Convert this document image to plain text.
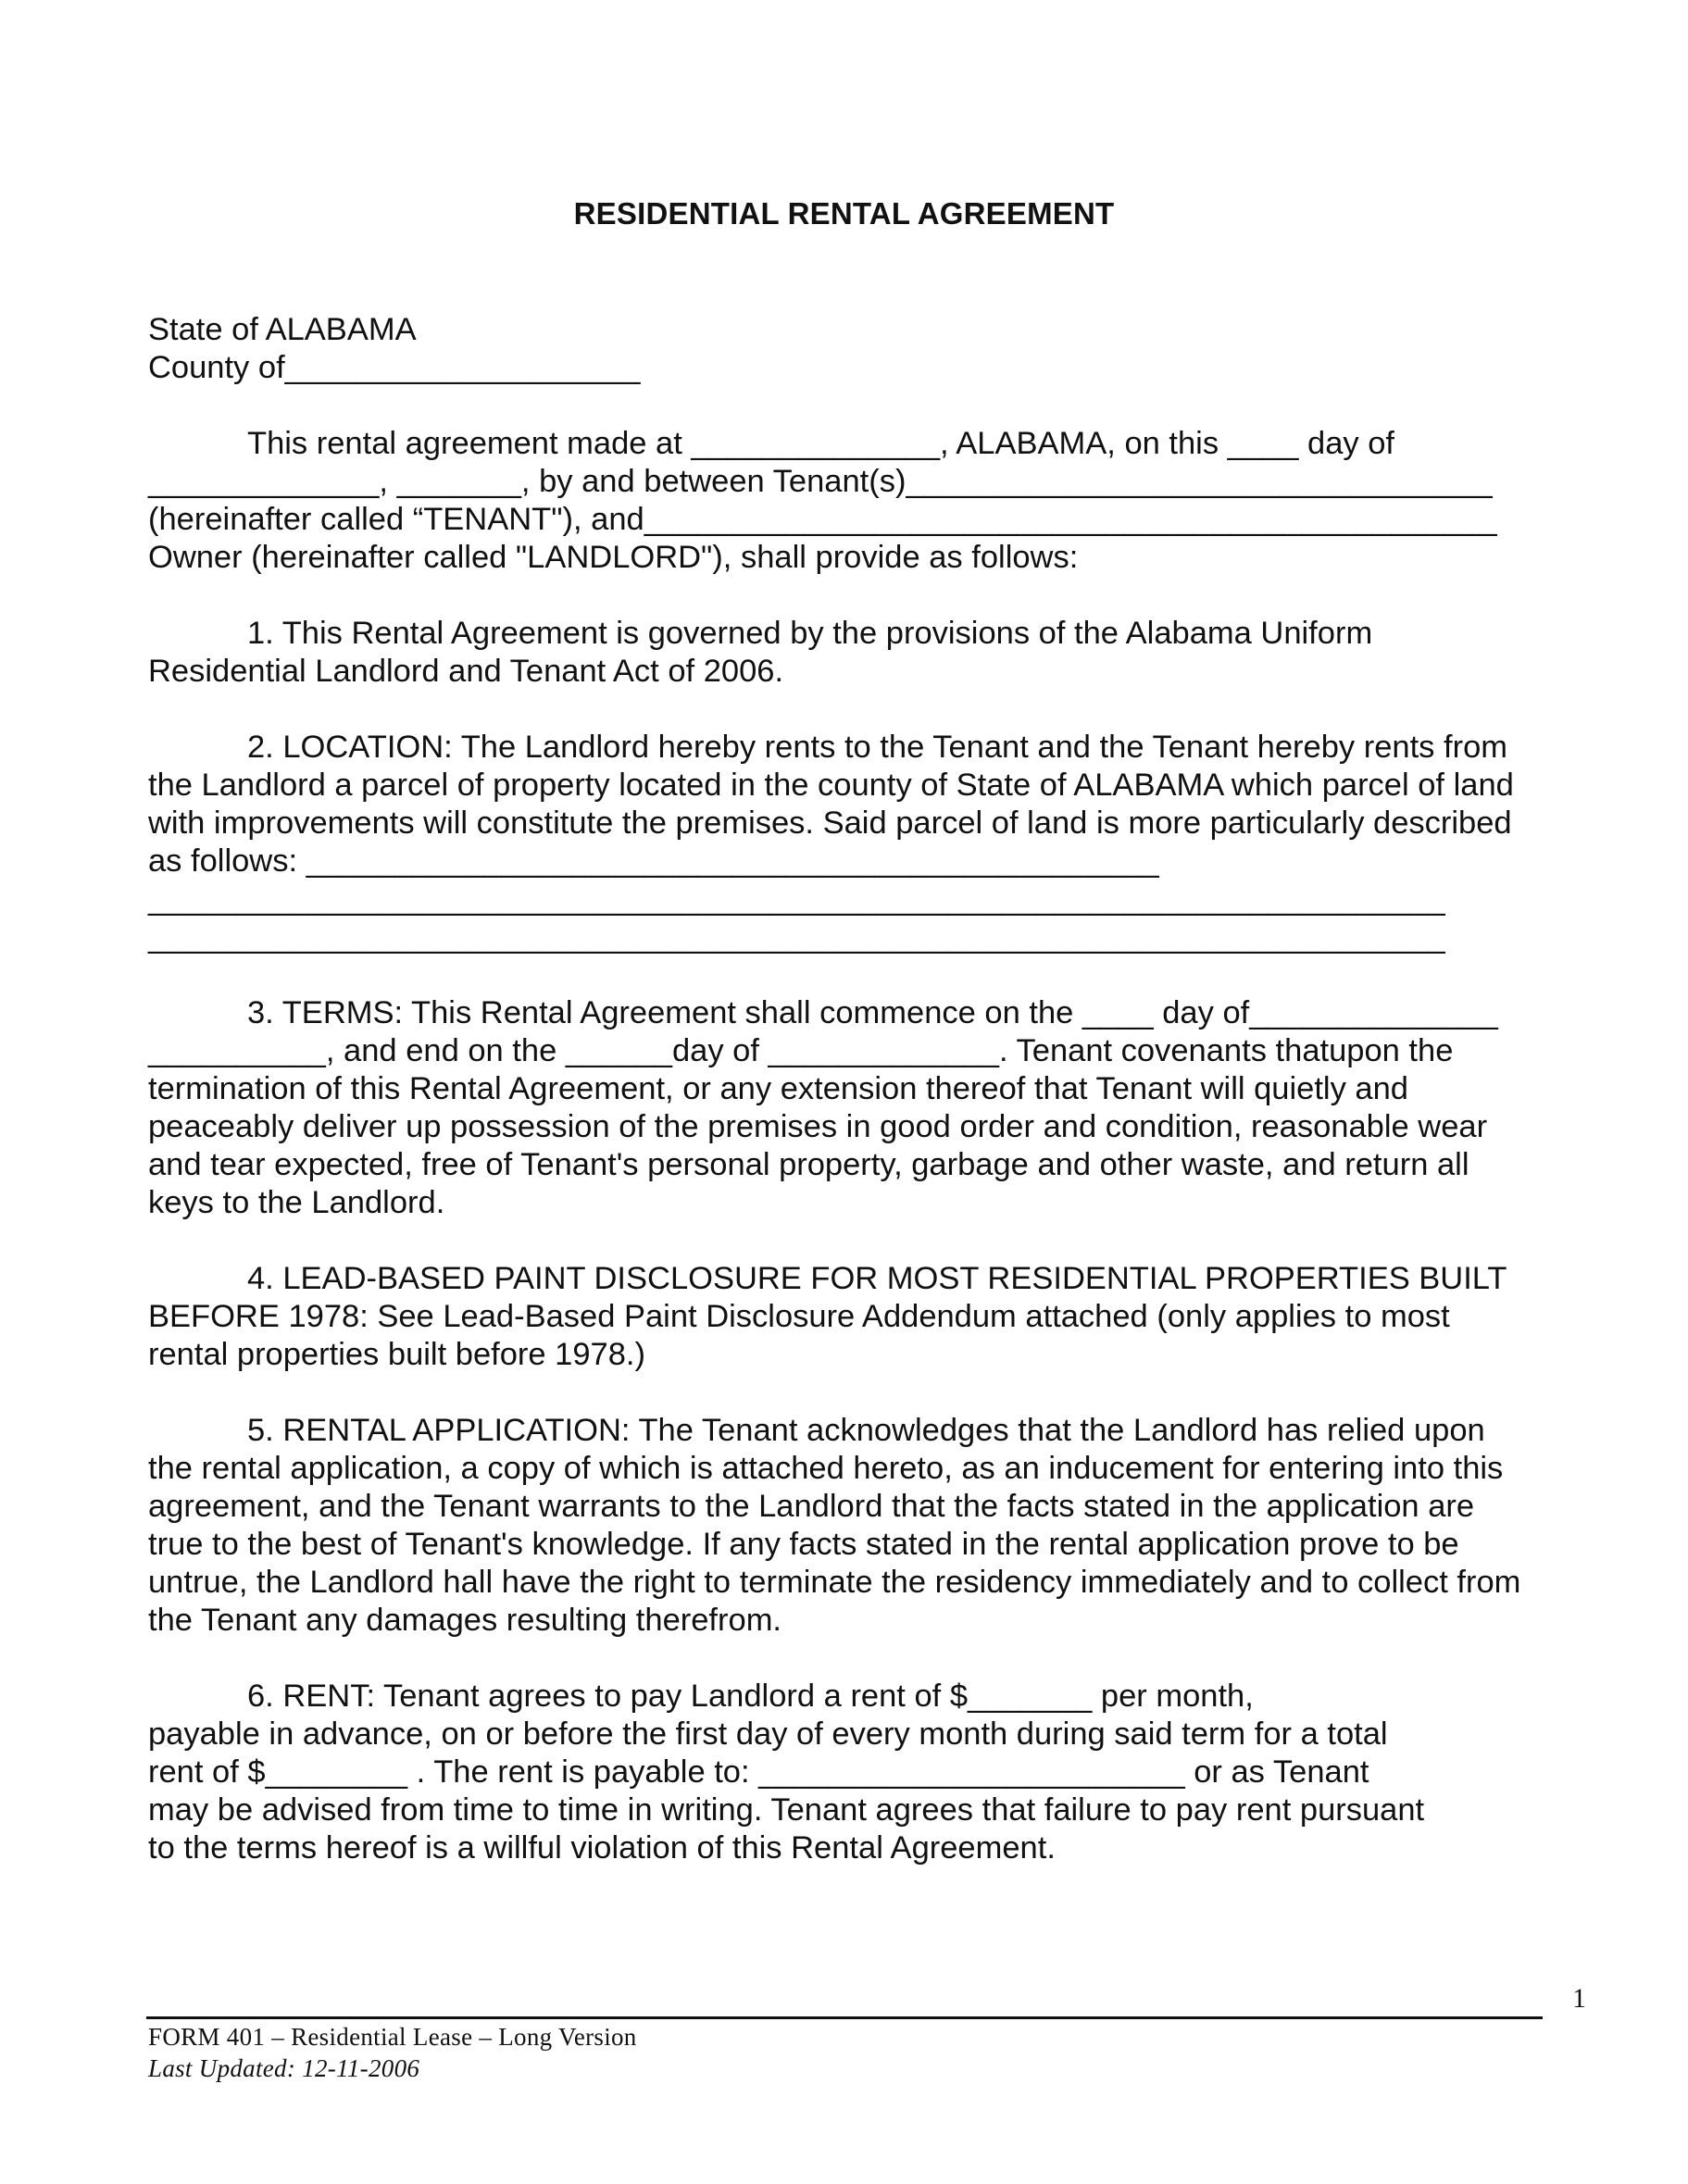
RESIDENTIAL RENTAL AGREEMENT
State of ALABAMA
County of____________________
This rental agreement made at ______________, ALABAMA, on this ____ day of
_____________, _______, by and between Tenant(s)_________________________________
(hereinafter called “TENANT"), and________________________________________________
Owner (hereinafter called "LANDLORD"), shall provide as follows:
1. This Rental Agreement is governed by the provisions of the Alabama Uniform
Residential Landlord and Tenant Act of 2006.
2. LOCATION: The Landlord hereby rents to the Tenant and the Tenant hereby rents from
the Landlord a parcel of property located in the county of State of ALABAMA which parcel of land
with improvements will constitute the premises. Said parcel of land is more particularly described
as follows: ________________________________________________
_________________________________________________________________________
_________________________________________________________________________
3. TERMS: This Rental Agreement shall commence on the ____ day of______________
__________, and end on the ______day of _____________. Tenant covenants thatupon the
termination of this Rental Agreement, or any extension thereof that Tenant will quietly and
peaceably deliver up possession of the premises in good order and condition, reasonable wear
and tear expected, free of Tenant's personal property, garbage and other waste, and return all
keys to the Landlord.
4. LEAD-BASED PAINT DISCLOSURE FOR MOST RESIDENTIAL PROPERTIES BUILT
BEFORE 1978: See Lead-Based Paint Disclosure Addendum attached (only applies to most
rental properties built before 1978.)
5. RENTAL APPLICATION: The Tenant acknowledges that the Landlord has relied upon
the rental application, a copy of which is attached hereto, as an inducement for entering into this
agreement, and the Tenant warrants to the Landlord that the facts stated in the application are
true to the best of Tenant's knowledge. If any facts stated in the rental application prove to be
untrue, the Landlord hall have the right to terminate the residency immediately and to collect from
the Tenant any damages resulting therefrom.
6. RENT: Tenant agrees to pay Landlord a rent of $_______ per month,
payable in advance, on or before the first day of every month during said term for a total
rent of $________ . The rent is payable to: ________________________ or as Tenant
may be advised from time to time in writing. Tenant agrees that failure to pay rent pursuant
to the terms hereof is a willful violation of this Rental Agreement.
1
FORM 401 – Residential Lease – Long Version
Last Updated: 12-11-2006
